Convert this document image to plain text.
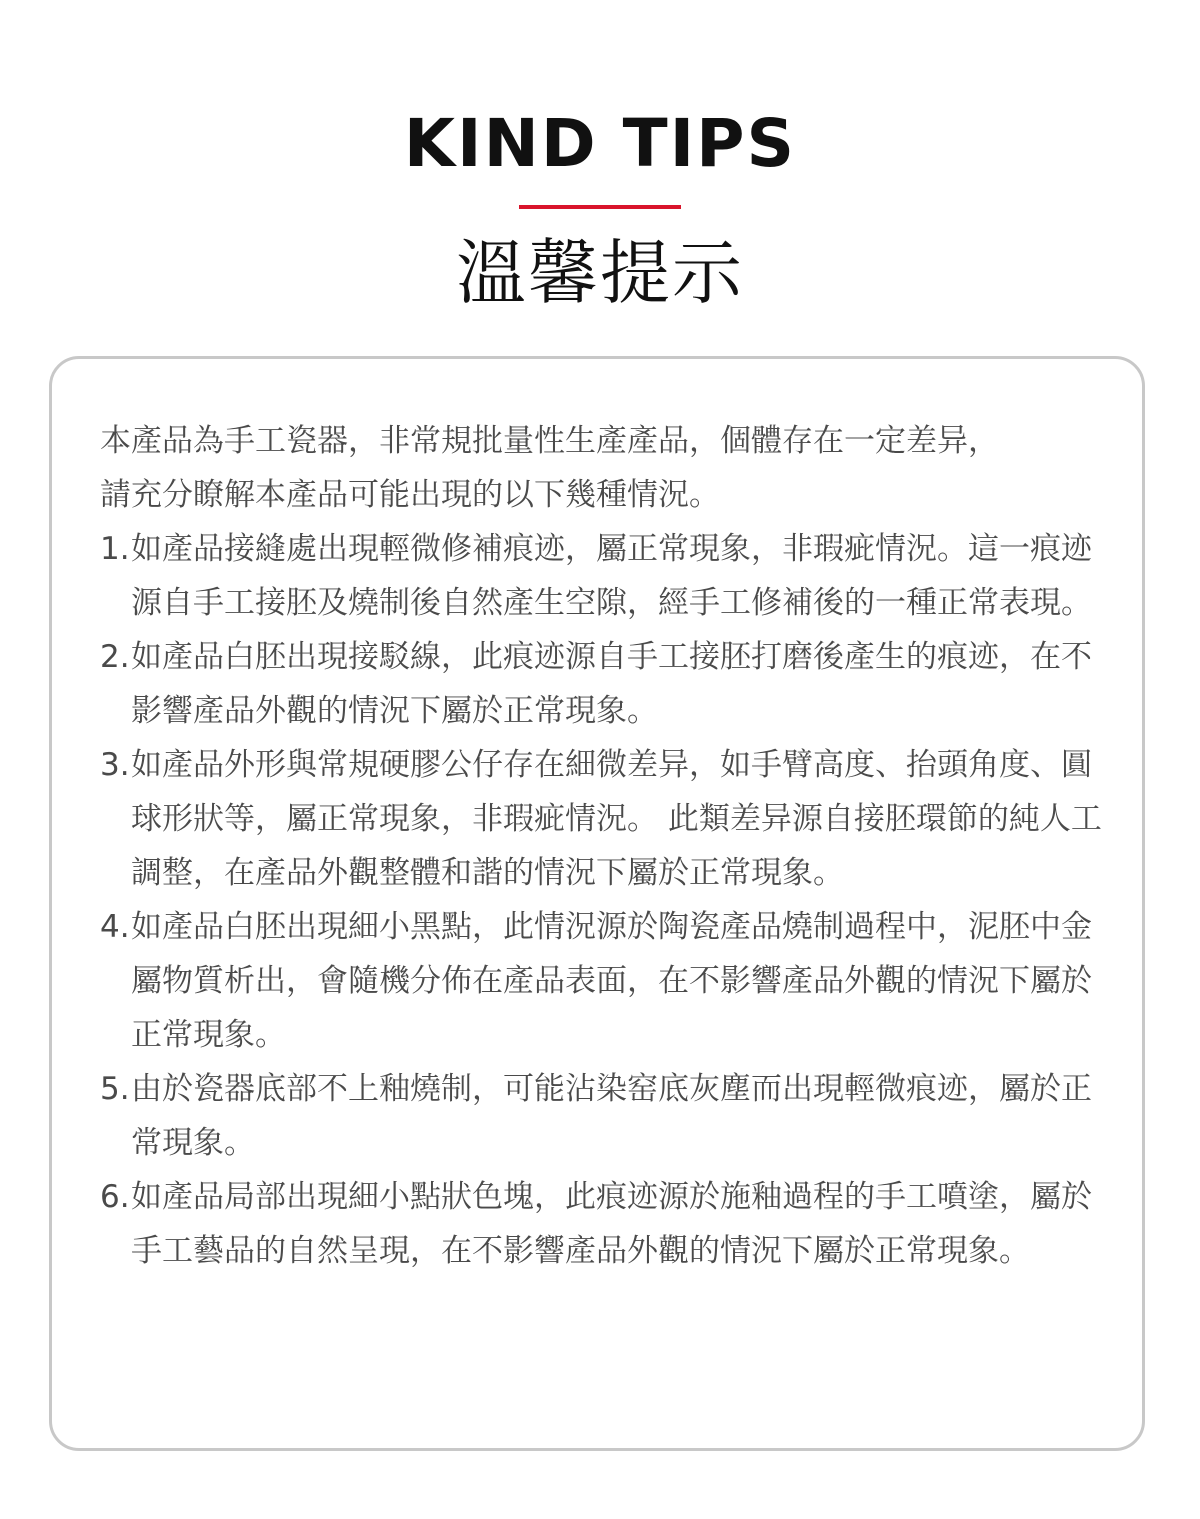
KIND TIPS
溫馨提示

本產品為手工瓷器，非常規批量性生產產品，個體存在一定差异，

請充分瞭解本產品可能出現的以下幾種情況。

1. 如產品接縫處出現輕微修補痕迹，屬正常現象，非瑕疵情況。這一痕迹源自手工接胚及燒制後自然產生空隙，經手工修補後的一種正常表現。
2. 如產品白胚出現接駁線，此痕迹源自手工接胚打磨後產生的痕迹，在不影響產品外觀的情況下屬於正常現象。
3. 如產品外形與常規硬膠公仔存在細微差异，如手臂高度、抬頭角度、圓球形狀等，屬正常現象，非瑕疵情況。 此類差异源自接胚環節的純人工調整，在產品外觀整體和諧的情況下屬於正常現象。
4. 如產品白胚出現細小黑點，此情況源於陶瓷產品燒制過程中，泥胚中金屬物質析出，會隨機分佈在產品表面，在不影響產品外觀的情況下屬於正常現象。
5. 由於瓷器底部不上釉燒制，可能沾染窑底灰塵而出現輕微痕迹，屬於正常現象。
6. 如產品局部出現細小點狀色塊，此痕迹源於施釉過程的手工噴塗，屬於手工藝品的自然呈現，在不影響產品外觀的情況下屬於正常現象。
